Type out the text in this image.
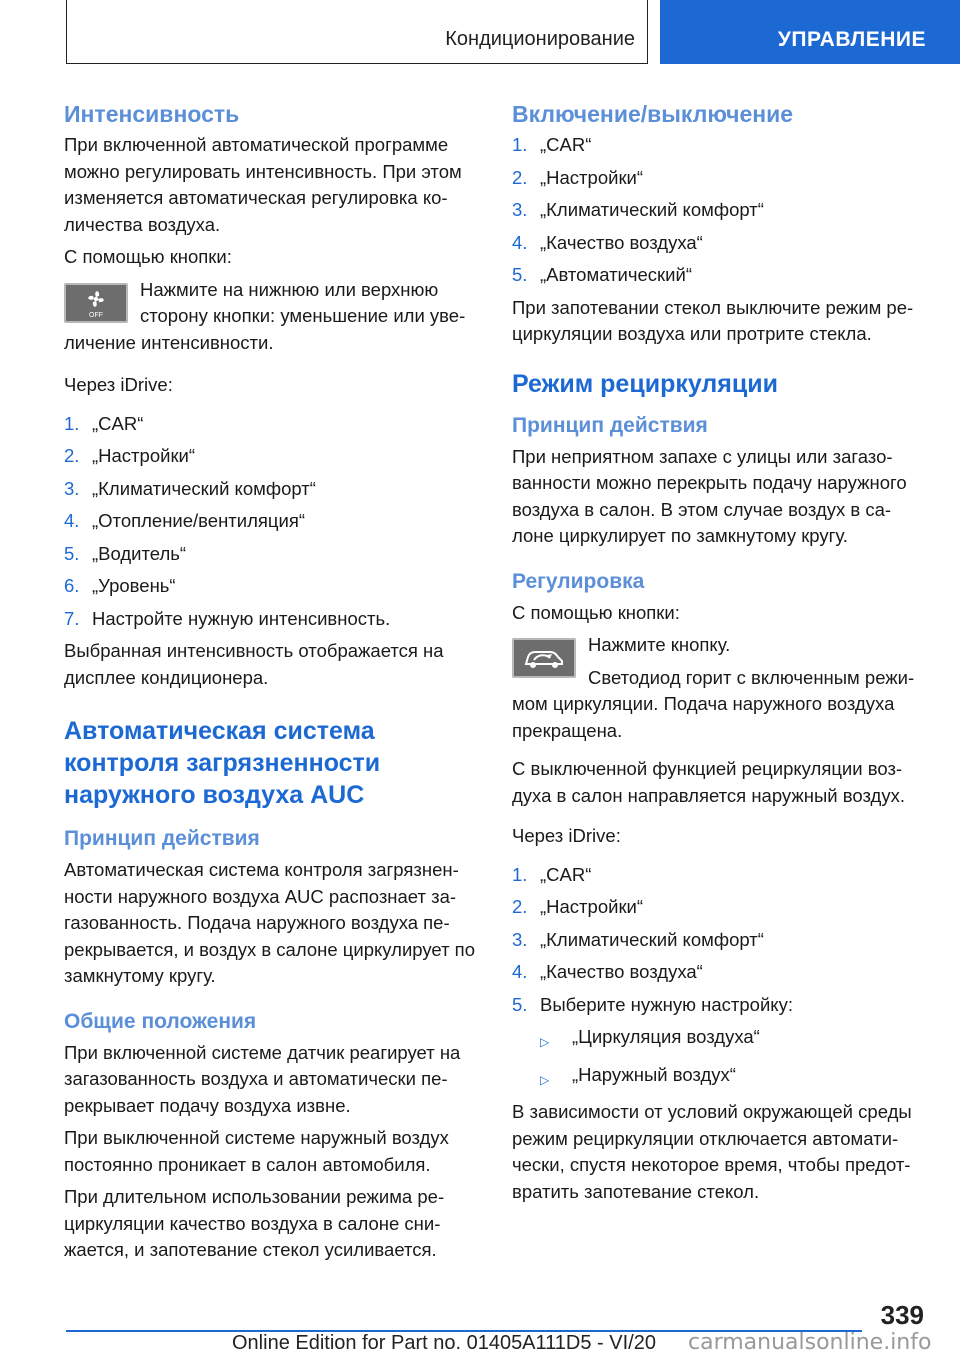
Кондиционирование	УПРАВЛЕНИЕ
Интенсивность

При включенной автоматической программе можно регулировать интенсивность. При этом изменяется автоматическая регулировка ко-личества воздуха.

С помощью кнопки:

OFF

Нажмите на нижнюю или верхнюю сторону кнопки: уменьшение или уве-личение интенсивности.

Через iDrive:

1. „CAR“
2. „Настройки“
3. „Климатический комфорт“
4. „Отопление/вентиляция“
5. „Водитель“
6. „Уровень“
7. Настройте нужную интенсивность.

Выбранная интенсивность отображается на дисплее кондиционера.

Автоматическая система
контроля загрязненности
наружного воздуха AUC
Принцип действия

Автоматическая система контроля загрязнен-ности наружного воздуха AUC распознает за-газованность. Подача наружного воздуха пе-рекрывается, и воздух в салоне циркулирует по замкнутому кругу.

Общие положения

При включенной системе датчик реагирует на загазованность воздуха и автоматически пе-рекрывает подачу воздуха извне.

При выключенной системе наружный воздух постоянно проникает в салон автомобиля.

При длительном использовании режима ре-циркуляции качество воздуха в салоне сни-жается, и запотевание стекол усиливается.

Включение/выключение
1. „CAR“
2. „Настройки“
3. „Климатический комфорт“
4. „Качество воздуха“
5. „Автоматический“

При запотевании стекол выключите режим ре-циркуляции воздуха или протрите стекла.

Режим рециркуляции
Принцип действия

При неприятном запахе с улицы или загазо-ванности можно перекрыть подачу наружного воздуха в салон. В этом случае воздух в са-лоне циркулирует по замкнутому кругу.

Регулировка

С помощью кнопки:

Нажмите кнопку.

Светодиод горит с включенным режи-мом циркуляции. Подача наружного воздуха прекращена.

С выключенной функцией рециркуляции воз-духа в салон направляется наружный воздух.

Через iDrive:

1. „CAR“
2. „Настройки“
3. „Климатический комфорт“
4. „Качество воздуха“
5. Выберите нужную настройку:
▷	„Циркуляция воздуха“
▷	„Наружный воздух“

В зависимости от условий окружающей среды режим рециркуляции отключается автомати-чески, спустя некоторое время, чтобы предот-вратить запотевание стекол.

339
Online Edition for Part no. 01405A111D5 - VI/20 carmanualsonline.info
